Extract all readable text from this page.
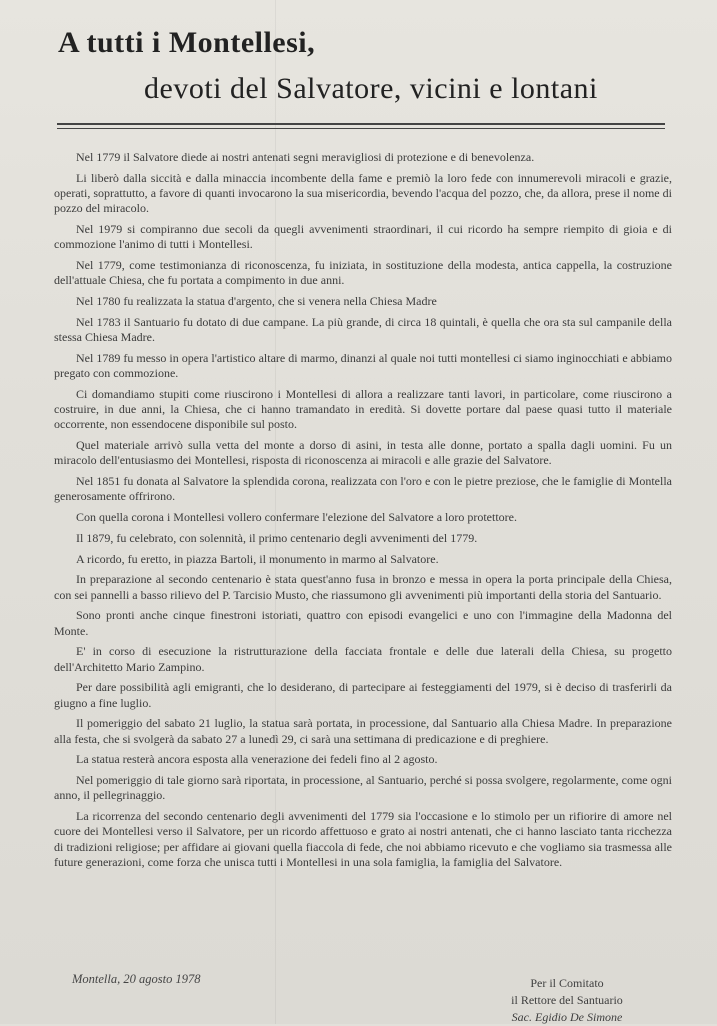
A tutti i Montellesi,
devoti del Salvatore, vicini e lontani

Nel 1779 il Salvatore diede ai nostri antenati segni meravigliosi di protezione e di benevolenza.

Li liberò dalla siccità e dalla minaccia incombente della fame e premiò la loro fede con innumerevoli miracoli e grazie, operati, soprattutto, a favore di quanti invocarono la sua misericordia, bevendo l'acqua del pozzo, che, da allora, prese il nome di pozzo del miracolo.

Nel 1979 si compiranno due secoli da quegli avvenimenti straordinari, il cui ricordo ha sempre riempito di gioia e di commozione l'animo di tutti i Montellesi.

Nel 1779, come testimonianza di riconoscenza, fu iniziata, in sostituzione della modesta, antica cappella, la costruzione dell'attuale Chiesa, che fu portata a compimento in due anni.

Nel 1780 fu realizzata la statua d'argento, che si venera nella Chiesa Madre

Nel 1783 il Santuario fu dotato di due campane. La più grande, di circa 18 quintali, è quella che ora sta sul campanile della stessa Chiesa Madre.

Nel 1789 fu messo in opera l'artistico altare di marmo, dinanzi al quale noi tutti montellesi ci siamo inginocchiati e abbiamo pregato con commozione.

Ci domandiamo stupiti come riuscirono i Montellesi di allora a realizzare tanti lavori, in particolare, come riuscirono a costruire, in due anni, la Chiesa, che ci hanno tramandato in eredità. Si dovette portare dal paese quasi tutto il materiale occorrente, non essendocene disponibile sul posto.

Quel materiale arrivò sulla vetta del monte a dorso di asini, in testa alle donne, portato a spalla dagli uomini. Fu un miracolo dell'entusiasmo dei Montellesi, risposta di riconoscenza ai miracoli e alle grazie del Salvatore.

Nel 1851 fu donata al Salvatore la splendida corona, realizzata con l'oro e con le pietre preziose, che le famiglie di Montella generosamente offrirono.

Con quella corona i Montellesi vollero confermare l'elezione del Salvatore a loro protettore.

Il 1879, fu celebrato, con solennità, il primo centenario degli avvenimenti del 1779.

A ricordo, fu eretto, in piazza Bartoli, il monumento in marmo al Salvatore.

In preparazione al secondo centenario è stata quest'anno fusa in bronzo e messa in opera la porta principale della Chiesa, con sei pannelli a basso rilievo del P. Tarcisio Musto, che riassumono gli avvenimenti più importanti della storia del Santuario.

Sono pronti anche cinque finestroni istoriati, quattro con episodi evangelici e uno con l'immagine della Madonna del Monte.

E' in corso di esecuzione la ristrutturazione della facciata frontale e delle due laterali della Chiesa, su progetto dell'Architetto Mario Zampino.

Per dare possibilità agli emigranti, che lo desiderano, di partecipare ai festeggiamenti del 1979, si è deciso di trasferirli da giugno a fine luglio.

Il pomeriggio del sabato 21 luglio, la statua sarà portata, in processione, dal Santuario alla Chiesa Madre. In preparazione alla festa, che si svolgerà da sabato 27 a lunedì 29, ci sarà una settimana di predicazione e di preghiere.

La statua resterà ancora esposta alla venerazione dei fedeli fino al 2 agosto.

Nel pomeriggio di tale giorno sarà riportata, in processione, al Santuario, perché si possa svolgere, regolarmente, come ogni anno, il pellegrinaggio.

La ricorrenza del secondo centenario degli avvenimenti del 1779 sia l'occasione e lo stimolo per un rifiorire di amore nel cuore dei Montellesi verso il Salvatore, per un ricordo affettuoso e grato ai nostri antenati, che ci hanno lasciato tanta ricchezza di tradizioni religiose; per affidare ai giovani quella fiaccola di fede, che noi abbiamo ricevuto e che vogliamo sia trasmessa alle future generazioni, come forza che unisca tutti i Montellesi in una sola famiglia, la famiglia del Salvatore.

Montella, 20 agosto 1978	Per il Comitato
il Rettore del Santuario
Sac. Egidio De Simone
